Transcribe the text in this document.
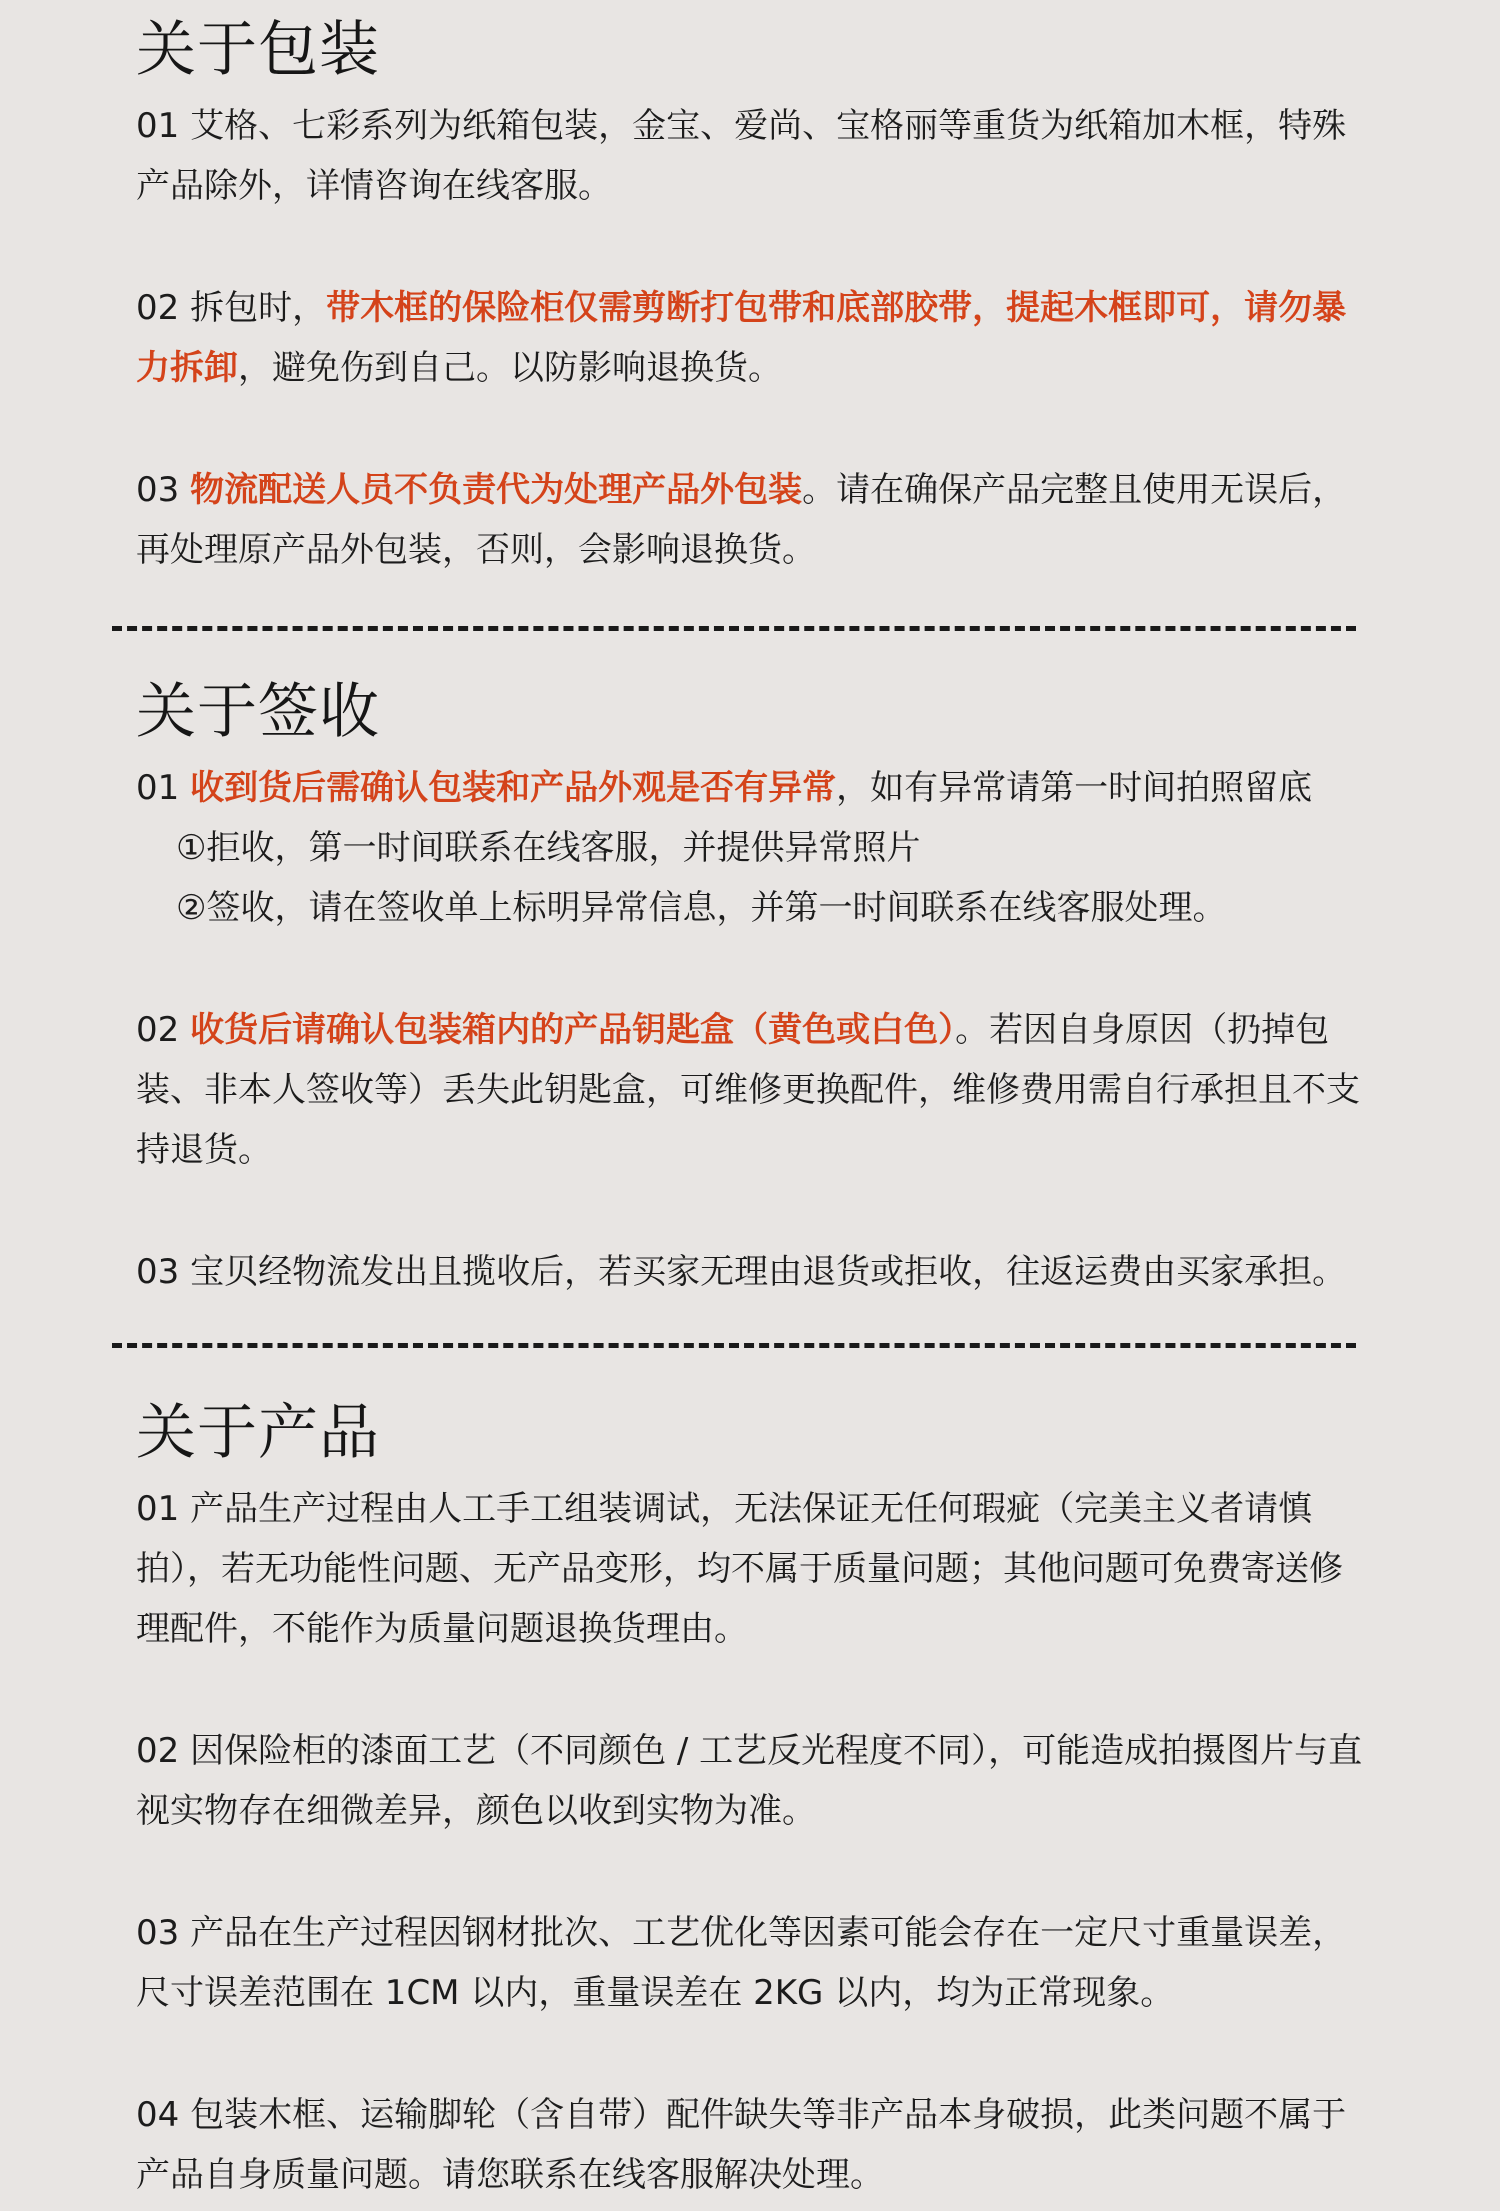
关于包装

01 艾格、七彩系列为纸箱包装，金宝、爱尚、宝格丽等重货为纸箱加木框，特殊产品除外，详情咨询在线客服。

02 拆包时，带木框的保险柜仅需剪断打包带和底部胶带，提起木框即可，请勿暴力拆卸，避免伤到自己。以防影响退换货。

03 物流配送人员不负责代为处理产品外包装。请在确保产品完整且使用无误后，再处理原产品外包装，否则，会影响退换货。

关于签收

01 收到货后需确认包装和产品外观是否有异常，如有异常请第一时间拍照留底
①拒收，第一时间联系在线客服，并提供异常照片
②签收，请在签收单上标明异常信息，并第一时间联系在线客服处理。

02 收货后请确认包装箱内的产品钥匙盒（黄色或白色）。若因自身原因（扔掉包装、非本人签收等）丢失此钥匙盒，可维修更换配件，维修费用需自行承担且不支持退货。

03 宝贝经物流发出且揽收后，若买家无理由退货或拒收，往返运费由买家承担。

关于产品

01 产品生产过程由人工手工组装调试，无法保证无任何瑕疵（完美主义者请慎拍），若无功能性问题、无产品变形，均不属于质量问题；其他问题可免费寄送修理配件，不能作为质量问题退换货理由。

02 因保险柜的漆面工艺（不同颜色 / 工艺反光程度不同），可能造成拍摄图片与直视实物存在细微差异，颜色以收到实物为准。

03 产品在生产过程因钢材批次、工艺优化等因素可能会存在一定尺寸重量误差，尺寸误差范围在 1CM 以内，重量误差在 2KG 以内，均为正常现象。

04 包装木框、运输脚轮（含自带）配件缺失等非产品本身破损，此类问题不属于产品自身质量问题。请您联系在线客服解决处理。
